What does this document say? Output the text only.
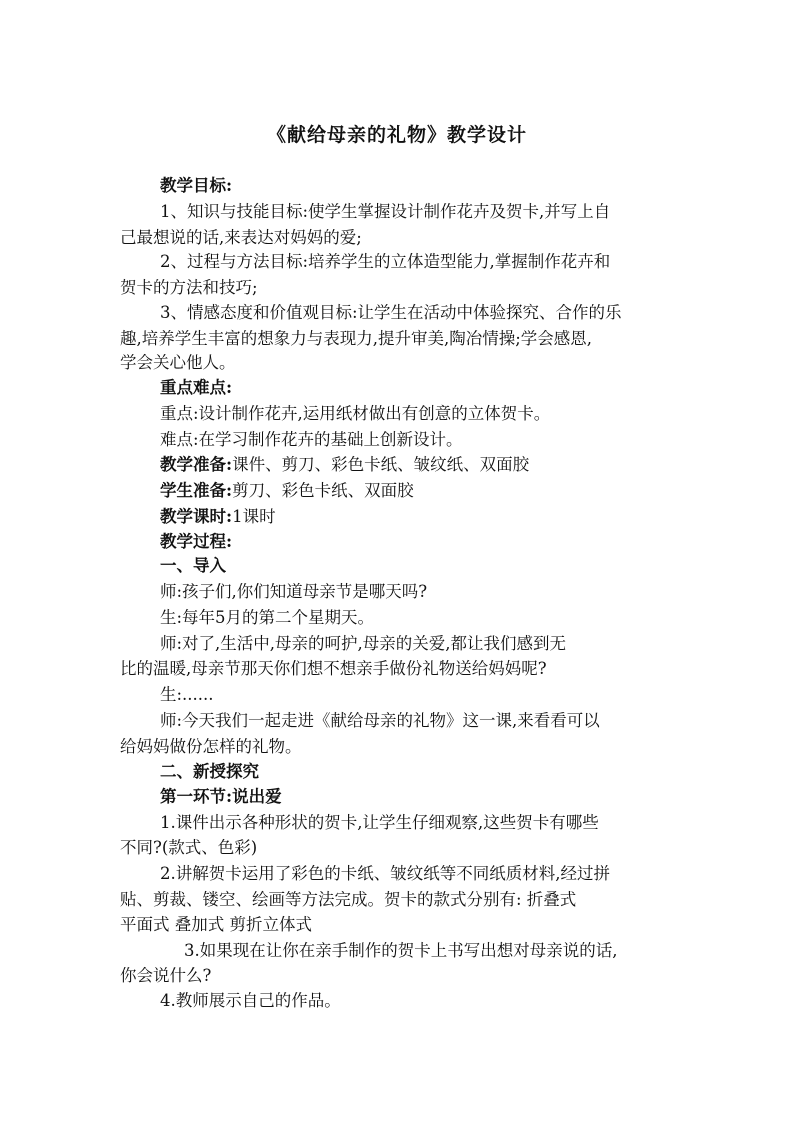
《献给母亲的礼物》教学设计
教学目标:
1、知识与技能目标:使学生掌握设计制作花卉及贺卡,并写上自
己最想说的话,来表达对妈妈的爱;
2、过程与方法目标:培养学生的立体造型能力,掌握制作花卉和
贺卡的方法和技巧;
3、情感态度和价值观目标:让学生在活动中体验探究、合作的乐
趣,培养学生丰富的想象力与表现力,提升审美,陶冶情操;学会感恩,
学会关心他人。
重点难点:
重点:设计制作花卉,运用纸材做出有创意的立体贺卡。
难点:在学习制作花卉的基础上创新设计。
教学准备:课件、剪刀、彩色卡纸、皱纹纸、双面胶
学生准备:剪刀、彩色卡纸、双面胶
教学课时:1课时
教学过程:
一、导入
师:孩子们,你们知道母亲节是哪天吗?
生:每年5月的第二个星期天。
师:对了,生活中,母亲的呵护,母亲的关爱,都让我们感到无
比的温暖,母亲节那天你们想不想亲手做份礼物送给妈妈呢?
生:......
师:今天我们一起走进《献给母亲的礼物》这一课,来看看可以
给妈妈做份怎样的礼物。
二、新授探究
第一环节:说出爱
1.课件出示各种形状的贺卡,让学生仔细观察,这些贺卡有哪些
不同?(款式、色彩)
2.讲解贺卡运用了彩色的卡纸、皱纹纸等不同纸质材料,经过拼
贴、剪裁、镂空、绘画等方法完成。贺卡的款式分别有: 折叠式
平面式 叠加式 剪折立体式
3.如果现在让你在亲手制作的贺卡上书写出想对母亲说的话,
你会说什么?
4.教师展示自己的作品。
